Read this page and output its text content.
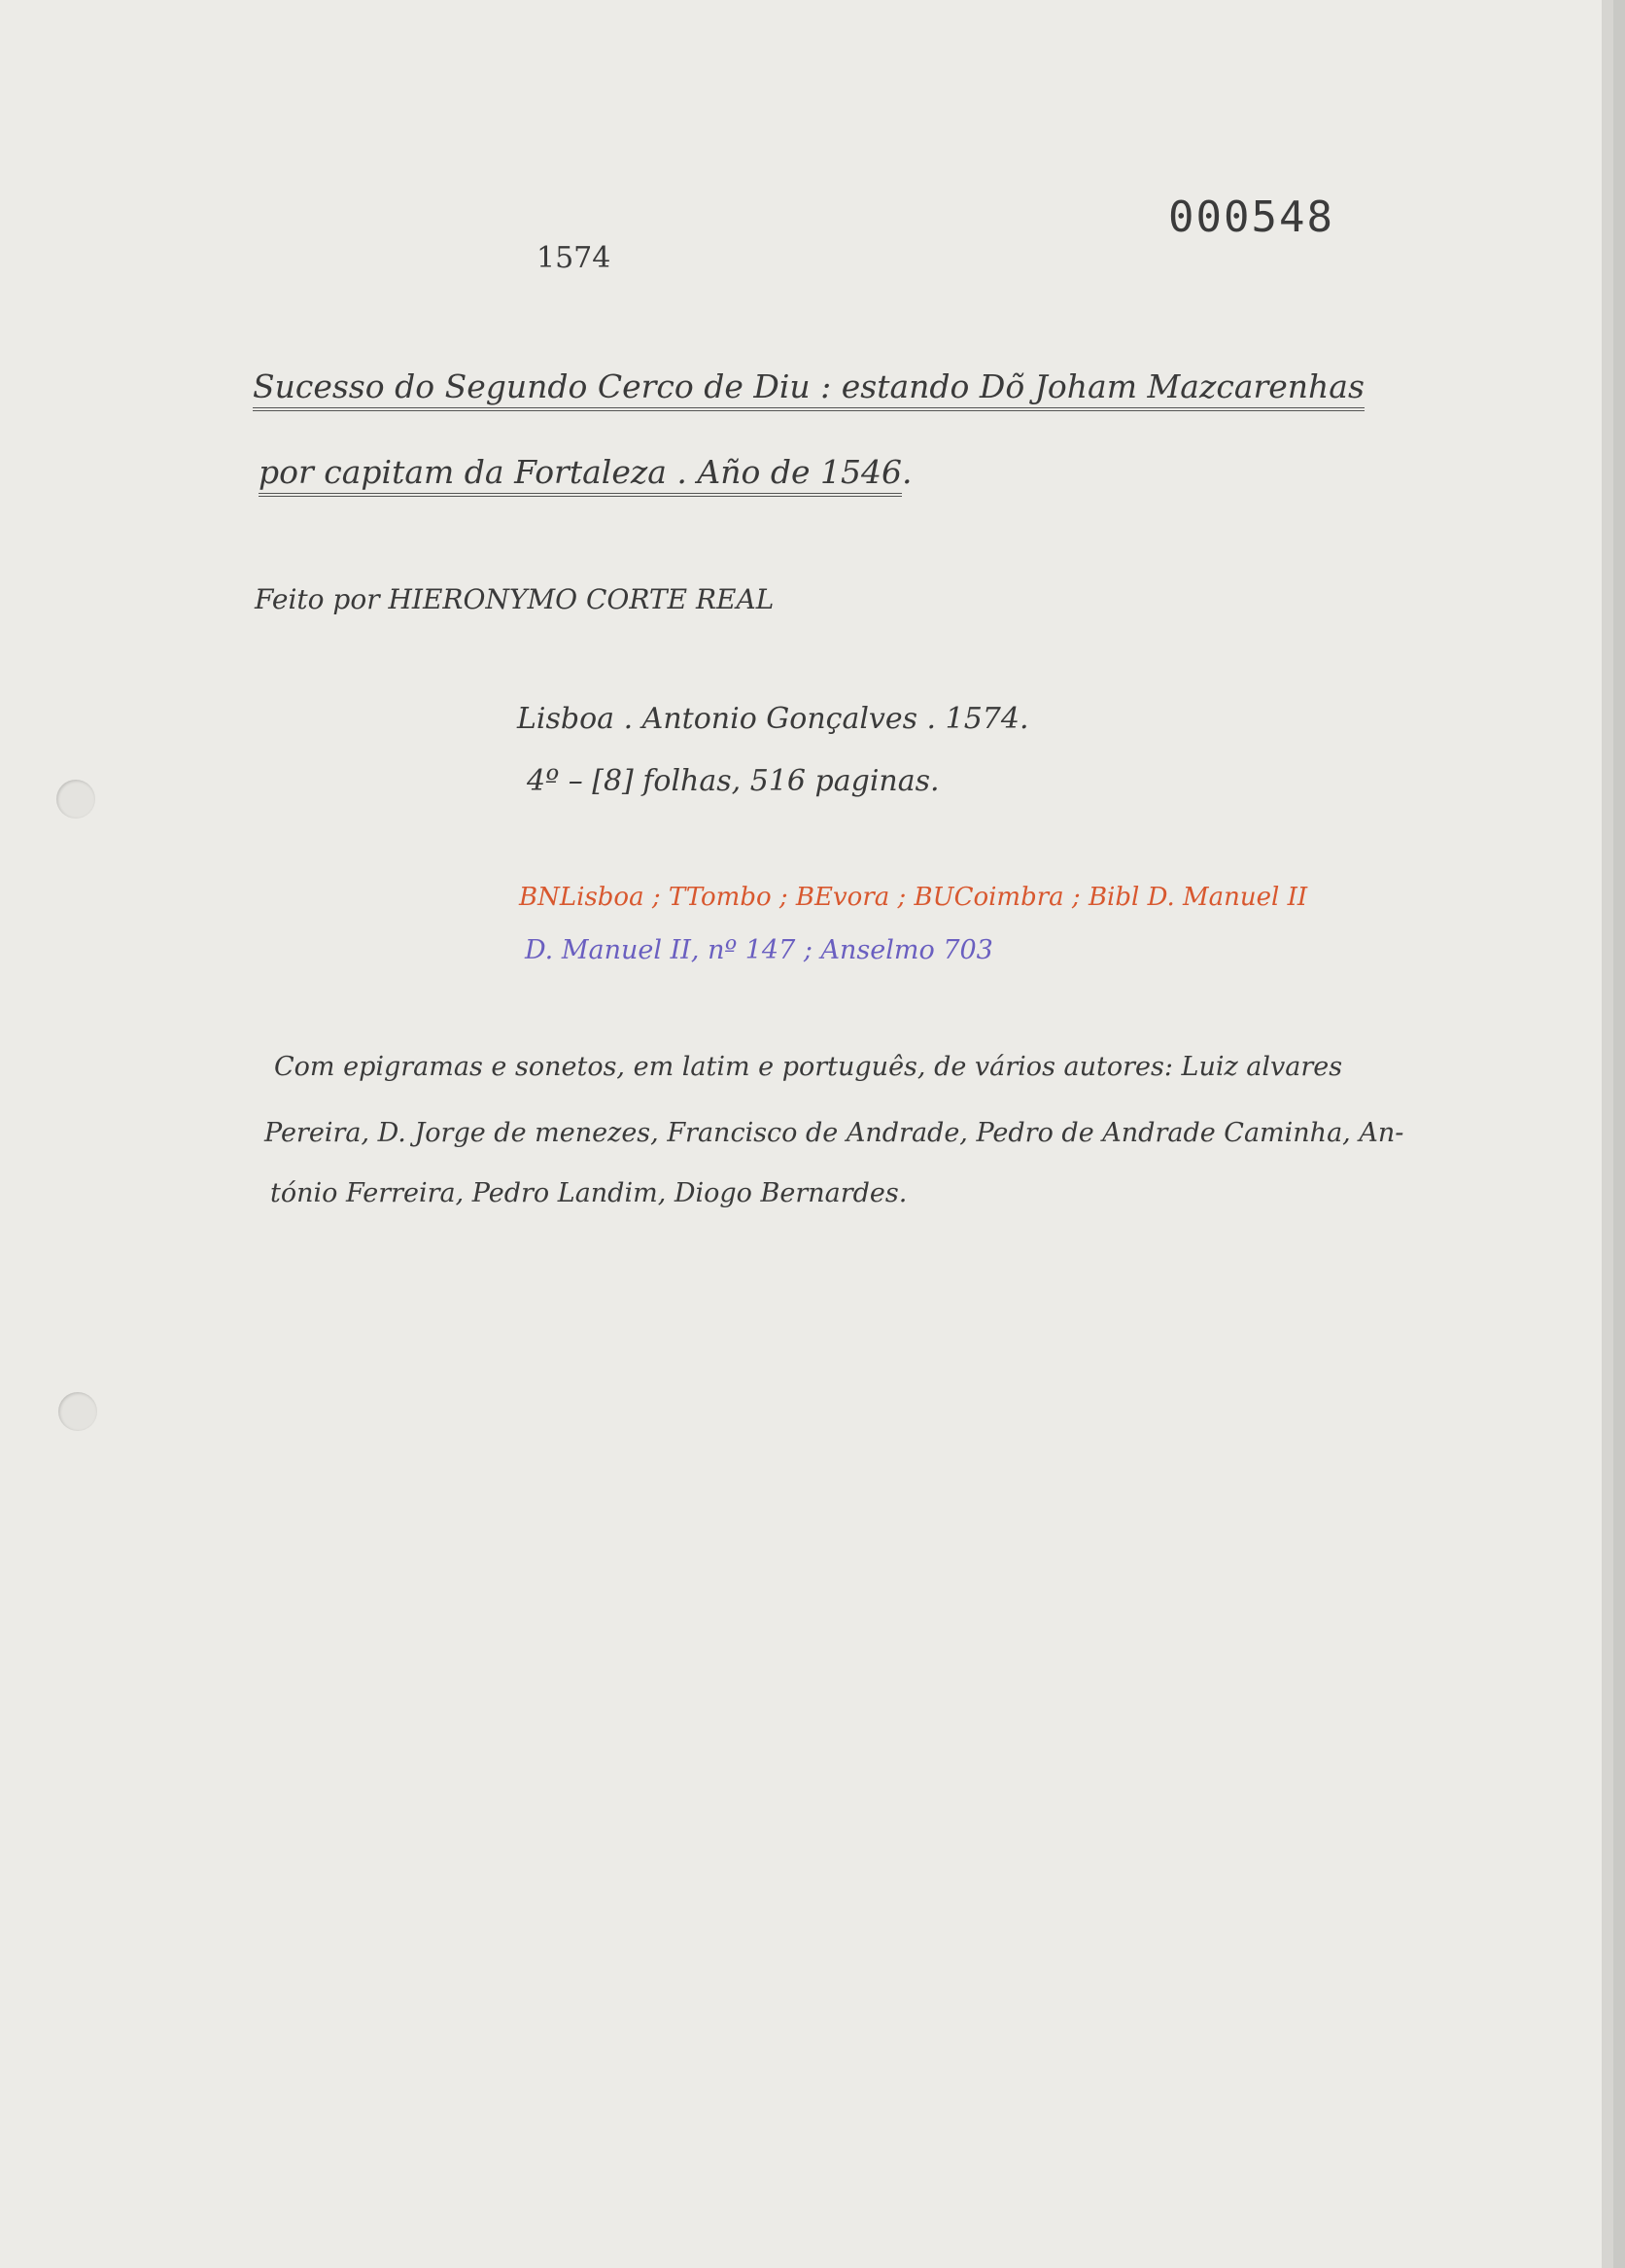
000548
1574
Sucesso do Segundo Cerco de Diu : estando Dõ Joham Mazcarenhas
por capitam da Fortaleza . Año de 1546.
Feito por HIERONYMO CORTE REAL
Lisboa . Antonio Gonçalves . 1574.
4º – [8] folhas, 516 paginas.
BNLisboa ; TTombo ; BEvora ; BUCoimbra ; Bibl D. Manuel II
D. Manuel II, nº 147 ; Anselmo 703
Com epigramas e sonetos, em latim e português, de vários autores: Luiz alvares
Pereira, D. Jorge de menezes, Francisco de Andrade, Pedro de Andrade Caminha, An-
tónio Ferreira, Pedro Landim, Diogo Bernardes.
